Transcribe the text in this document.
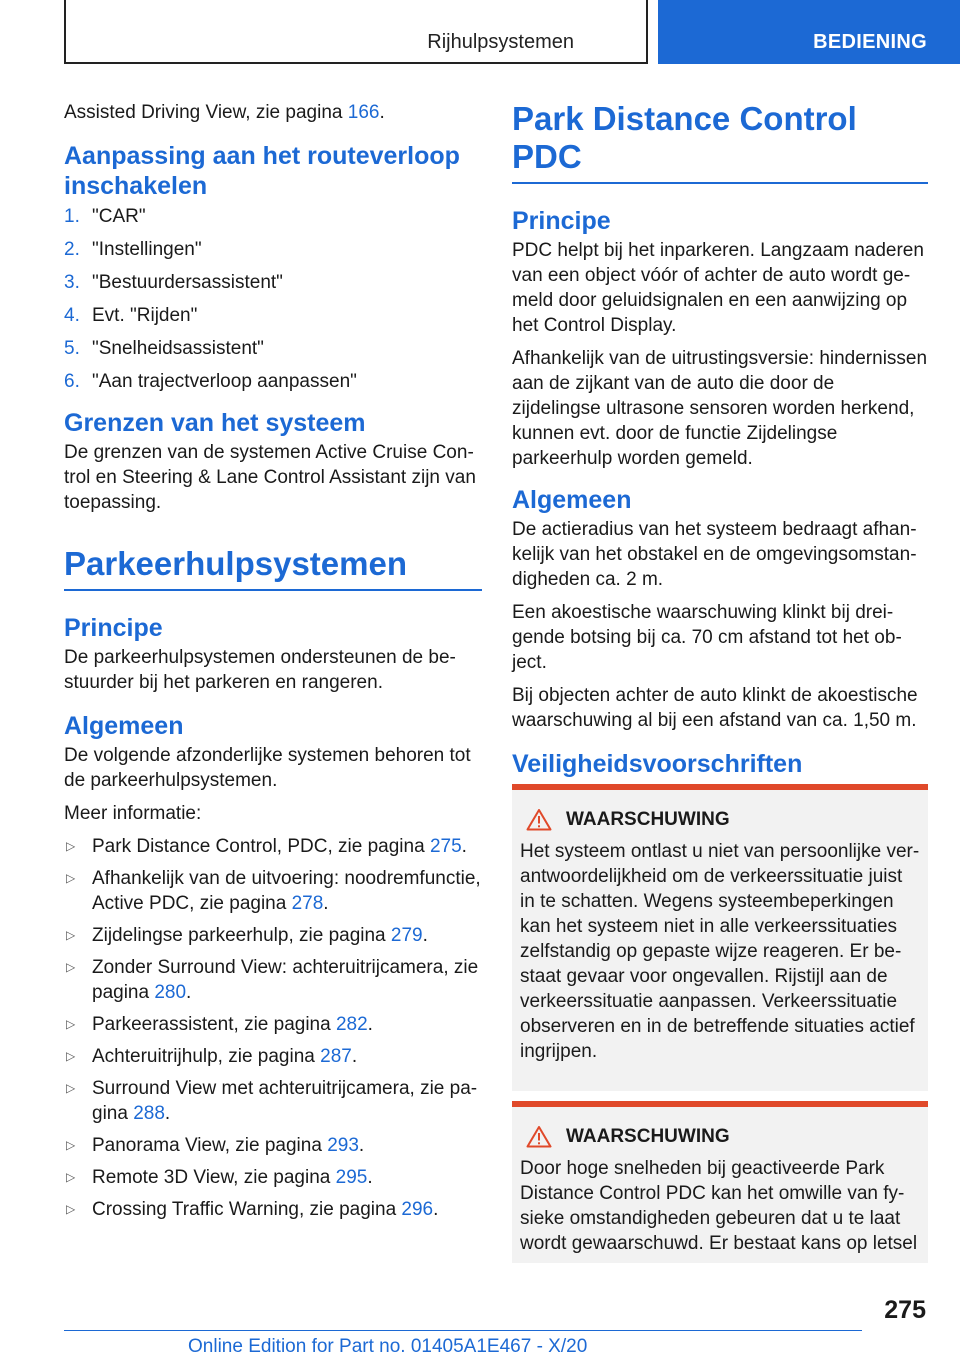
Rijhulpsystemen	BEDIENING

Assisted Driving View, zie pagina 166.

Aanpassing aan het routeverloop inschakelen
1. "CAR"
2. "Instellingen"
3. "Bestuurdersassistent"
4. Evt. "Rijden"
5. "Snelheidsassistent"
6. "Aan trajectverloop aanpassen"
Grenzen van het systeem

De grenzen van de systemen Active Cruise Control en Steering & Lane Control Assistant zijn van toepassing.

Parkeerhulpsystemen
Principe

De parkeerhulpsystemen ondersteunen de bestuurder bij het parkeren en rangeren.

Algemeen

De volgende afzonderlijke systemen behoren tot de parkeerhulpsystemen.

Meer informatie:

▷ Park Distance Control, PDC, zie pagina 275.
▷ Afhankelijk van de uitvoering: noodremfunctie, Active PDC, zie pagina 278.
▷ Zijdelingse parkeerhulp, zie pagina 279.
▷ Zonder Surround View: achteruitrijcamera, zie pagina 280.
▷ Parkeerassistent, zie pagina 282.
▷ Achteruitrijhulp, zie pagina 287.
▷ Surround View met achteruitrijcamera, zie pagina 288.
▷ Panorama View, zie pagina 293.
▷ Remote 3D View, zie pagina 295.
▷ Crossing Traffic Warning, zie pagina 296.
Park Distance Control PDC
Principe

PDC helpt bij het inparkeren. Langzaam naderen van een object vóór of achter de auto wordt gemeld door geluidsignalen en een aanwijzing op het Control Display.

Afhankelijk van de uitrustingsversie: hindernissen aan de zijkant van de auto die door de zijdelingse ultrasone sensoren worden herkend, kunnen evt. door de functie Zijdelingse parkeerhulp worden gemeld.

Algemeen

De actieradius van het systeem bedraagt afhankelijk van het obstakel en de omgevingsomstandigheden ca. 2 m.

Een akoestische waarschuwing klinkt bij dreigende botsing bij ca. 70 cm afstand tot het object.

Bij objecten achter de auto klinkt de akoestische waarschuwing al bij een afstand van ca. 1,50 m.

Veiligheidsvoorschriften
WAARSCHUWING

Het systeem ontlast u niet van persoonlijke verantwoordelijkheid om de verkeerssituatie juist in te schatten. Wegens systeembeperkingen kan het systeem niet in alle verkeerssituaties zelfstandig op gepaste wijze reageren. Er bestaat gevaar voor ongevallen. Rijstijl aan de verkeerssituatie aanpassen. Verkeerssituatie observeren en in de betreffende situaties actief ingrijpen.

WAARSCHUWING

Door hoge snelheden bij geactiveerde Park Distance Control PDC kan het omwille van fysieke omstandigheden gebeuren dat u te laat wordt gewaarschuwd. Er bestaat kans op letsel

275
Online Edition for Part no. 01405A1E467 - X/20
